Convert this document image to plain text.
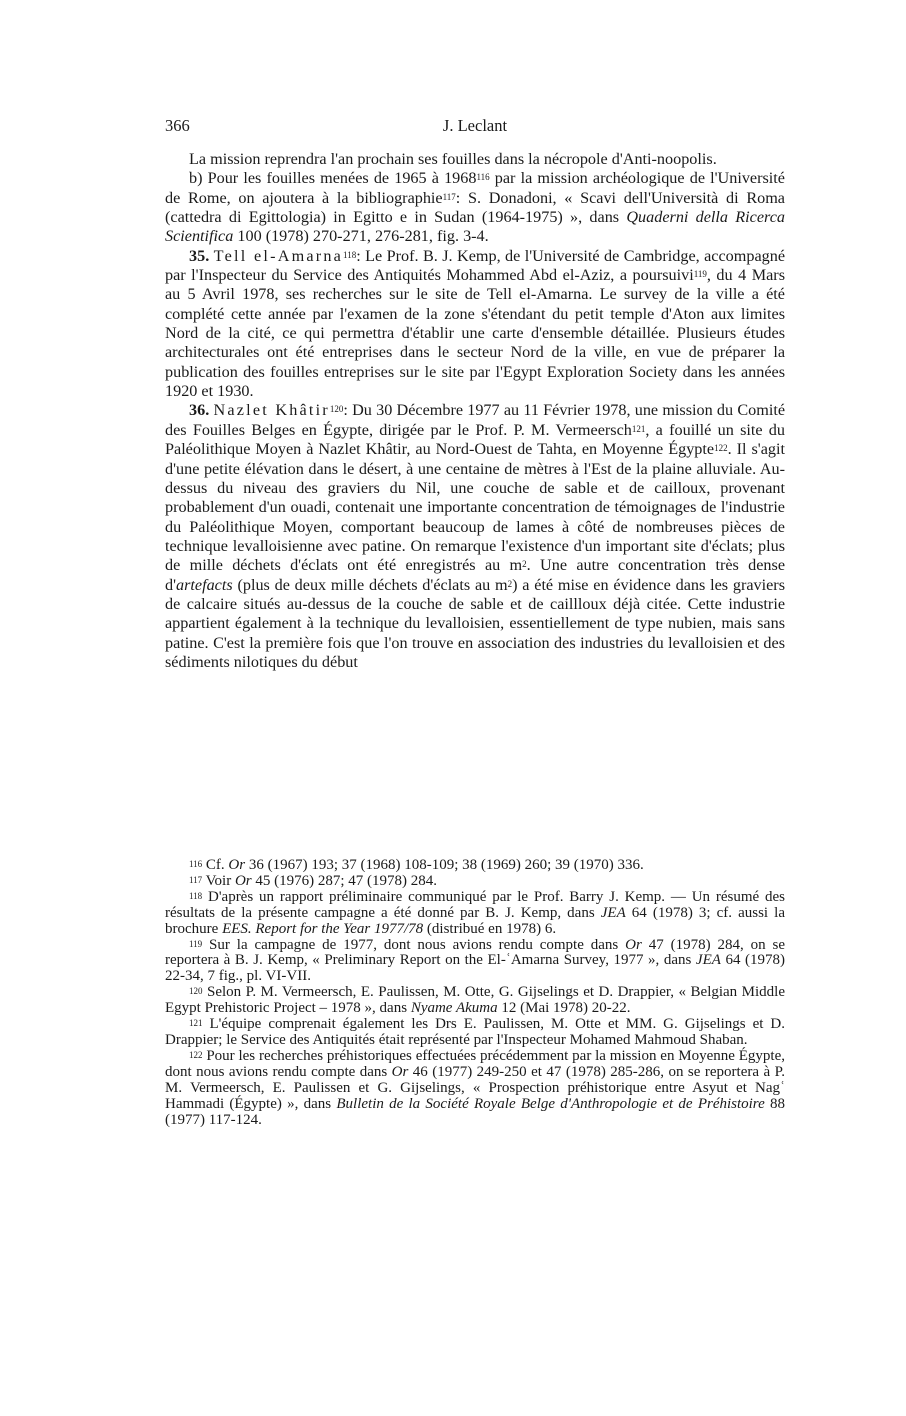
366	J. Leclant

La mission reprendra l'an prochain ses fouilles dans la nécropole d'Anti-noopolis.

b) Pour les fouilles menées de 1965 à 1968$^{116}$ par la mission archéologique de l'Université de Rome, on ajoutera à la bibliographie$^{117}$: S. Donadoni, « Scavi dell'Università di Roma (cattedra di Egittologia) in Egitto e in Sudan (1964-1975) », dans Quaderni della Ricerca Scientifica 100 (1978) 270-271, 276-281, fig. 3-4.

35. Tell el-Amarna$^{118}$: Le Prof. B. J. Kemp, de l'Université de Cambridge, accompagné par l'Inspecteur du Service des Antiquités Mohammed Abd el-Aziz, a poursuivi$^{119}$, du 4 Mars au 5 Avril 1978, ses recherches sur le site de Tell el-Amarna. Le survey de la ville a été complété cette année par l'examen de la zone s'étendant du petit temple d'Aton aux limites Nord de la cité, ce qui permettra d'établir une carte d'ensemble détaillée. Plusieurs études architecturales ont été entreprises dans le secteur Nord de la ville, en vue de préparer la publication des fouilles entreprises sur le site par l'Egypt Exploration Society dans les années 1920 et 1930.

36. Nazlet Khâtir$^{120}$: Du 30 Décembre 1977 au 11 Février 1978, une mission du Comité des Fouilles Belges en Égypte, dirigée par le Prof. P. M. Vermeersch$^{121}$, a fouillé un site du Paléolithique Moyen à Nazlet Khâtir, au Nord-Ouest de Tahta, en Moyenne Égypte$^{122}$. Il s'agit d'une petite élévation dans le désert, à une centaine de mètres à l'Est de la plaine alluviale. Au-dessus du niveau des graviers du Nil, une couche de sable et de cailloux, provenant probablement d'un ouadi, contenait une importante concentration de témoignages de l'industrie du Paléolithique Moyen, comportant beaucoup de lames à côté de nombreuses pièces de technique levalloisienne avec patine. On remarque l'existence d'un important site d'éclats; plus de mille déchets d'éclats ont été enregistrés au $m^2$. Une autre concentration très dense d'artefacts (plus de deux mille déchets d'éclats au $m^2$) a été mise en évidence dans les graviers de calcaire situés au-dessus de la couche de sable et de caillloux déjà citée. Cette industrie appartient également à la technique du levalloisien, essentiellement de type nubien, mais sans patine. C'est la première fois que l'on trouve en association des industries du levalloisien et des sédiments nilotiques du début

$^{116}$ Cf. Or 36 (1967) 193; 37 (1968) 108-109; 38 (1969) 260; 39 (1970) 336.

$^{117}$ Voir Or 45 (1976) 287; 47 (1978) 284.

$^{118}$ D'après un rapport préliminaire communiqué par le Prof. Barry J. Kemp. — Un résumé des résultats de la présente campagne a été donné par B. J. Kemp, dans JEA 64 (1978) 3; cf. aussi la brochure EES. Report for the Year 1977/78 (distribué en 1978) 6.

$^{119}$ Sur la campagne de 1977, dont nous avions rendu compte dans Or 47 (1978) 284, on se reportera à B. J. Kemp, « Preliminary Report on the El-ʿAmarna Survey, 1977 », dans JEA 64 (1978) 22-34, 7 fig., pl. VI-VII.

$^{120}$ Selon P. M. Vermeersch, E. Paulissen, M. Otte, G. Gijselings et D. Drappier, « Belgian Middle Egypt Prehistoric Project – 1978 », dans Nyame Akuma 12 (Mai 1978) 20-22.

$^{121}$ L'équipe comprenait également les Drs E. Paulissen, M. Otte et MM. G. Gijselings et D. Drappier; le Service des Antiquités était représenté par l'Inspecteur Mohamed Mahmoud Shaban.

$^{122}$ Pour les recherches préhistoriques effectuées précédemment par la mission en Moyenne Égypte, dont nous avions rendu compte dans Or 46 (1977) 249-250 et 47 (1978) 285-286, on se reportera à P. M. Vermeersch, E. Paulissen et G. Gijselings, « Prospection préhistorique entre Asyut et Nagʿ Hammadi (Égypte) », dans Bulletin de la Société Royale Belge d'Anthropologie et de Préhistoire 88 (1977) 117-124.
